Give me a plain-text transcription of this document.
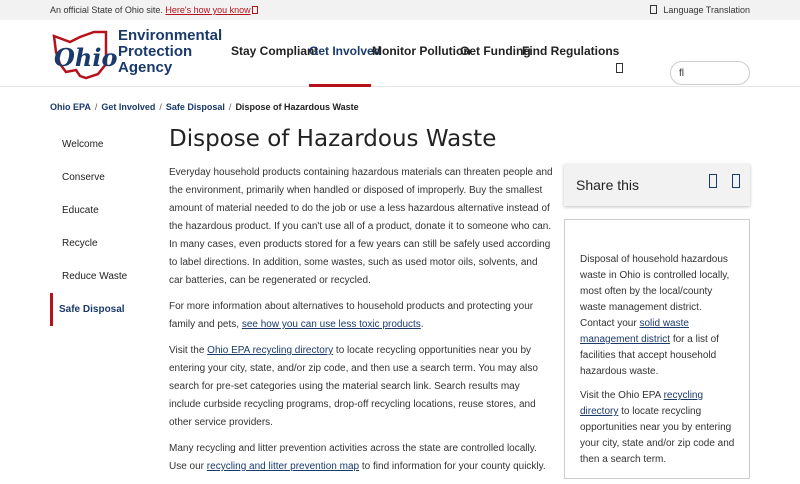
An official State of Ohio site. Here's how you know	Language Translation
Ohio
Environmental
Protection
Agency
Stay Compliant
Get Involved
Monitor Pollution
Get Funding
Find Regulations
fl
Ohio EPA / Get Involved / Safe Disposal / Dispose of Hazardous Waste
Welcome
Conserve
Educate
Recycle
Reduce Waste
Safe Disposal
Dispose of Hazardous Waste

Everyday household products containing hazardous materials can threaten people and the environment, primarily when handled or disposed of improperly. Buy the smallest amount of material needed to do the job or use a less hazardous alternative instead of the hazardous product. If you can't use all of a product, donate it to someone who can. In many cases, even products stored for a few years can still be safely used according to label directions. In addition, some wastes, such as used motor oils, solvents, and car batteries, can be regenerated or recycled.

For more information about alternatives to household products and protecting your family and pets, see how you can use less toxic products.

Visit the Ohio EPA recycling directory to locate recycling opportunities near you by entering your city, state, and/or zip code, and then use a search term. You may also search for pre-set categories using the material search link. Search results may include curbside recycling programs, drop-off recycling locations, reuse stores, and other service providers.

Many recycling and litter prevention activities across the state are controlled locally. Use our recycling and litter prevention map to find information for your county quickly.

Share this

Disposal of household hazardous waste in Ohio is controlled locally, most often by the local/county waste management district. Contact your solid waste management district for a list of facilities that accept household hazardous waste.

Visit the Ohio EPA recycling directory to locate recycling opportunities near you by entering your city, state and/or zip code and then a search term.
